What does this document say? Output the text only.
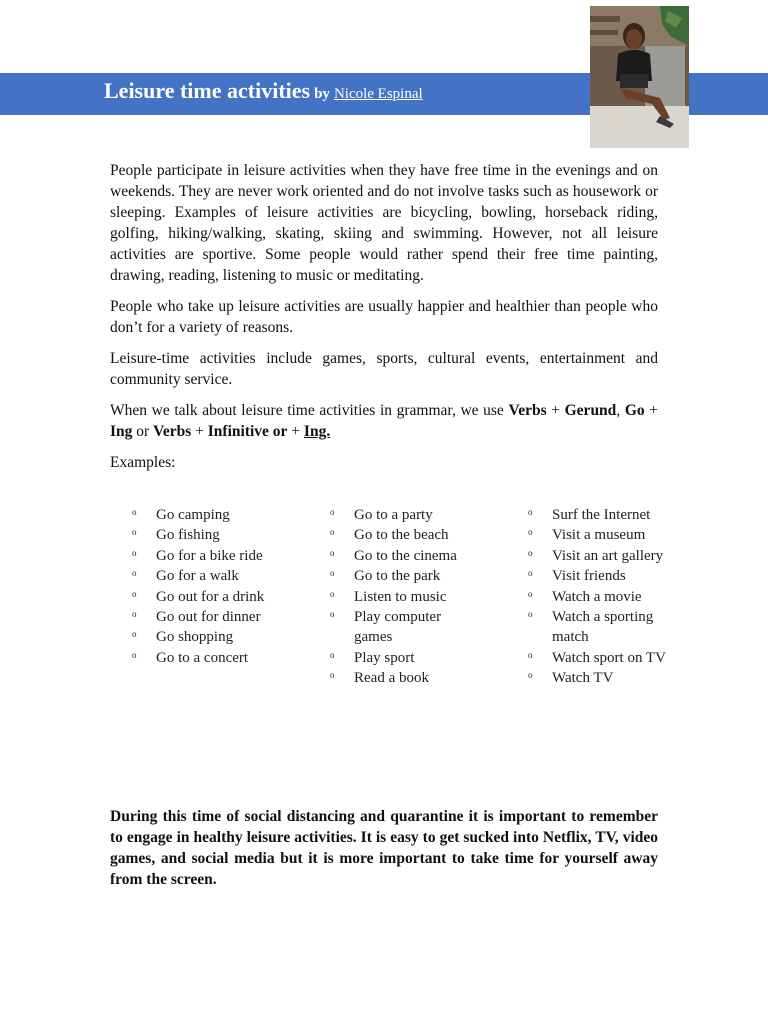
Leisure time activities by Nicole Espinal

People participate in leisure activities when they have free time in the evenings and on weekends. They are never work oriented and do not involve tasks such as housework or sleeping. Examples of leisure activities are bicycling, bowling, horseback riding, golfing, hiking/walking, skating, skiing and swimming. However, not all leisure activities are sportive. Some people would rather spend their free time painting, drawing, reading, listening to music or meditating.

People who take up leisure activities are usually happier and healthier than people who don’t for a variety of reasons.

Leisure-time activities include games, sports, cultural events, entertainment and community service.

When we talk about leisure time activities in grammar, we use Verbs + Gerund, Go + Ing or Verbs + Infinitive or + Ing.

Examples:

o Go camping
o Go fishing
o Go for a bike ride
o Go for a walk
o Go out for a drink
o Go out for dinner
o Go shopping
o Go to a concert
o Go to a party
o Go to the beach
o Go to the cinema
o Go to the park
o Listen to music
o Play computer games
o Play sport
o Read a book
o Surf the Internet
o Visit a museum
o Visit an art gallery
o Visit friends
o Watch a movie
o Watch a sporting match
o Watch sport on TV
o Watch TV

During this time of social distancing and quarantine it is important to remember to engage in healthy leisure activities. It is easy to get sucked into Netflix, TV, video games, and social media but it is more important to take time for yourself away from the screen.
